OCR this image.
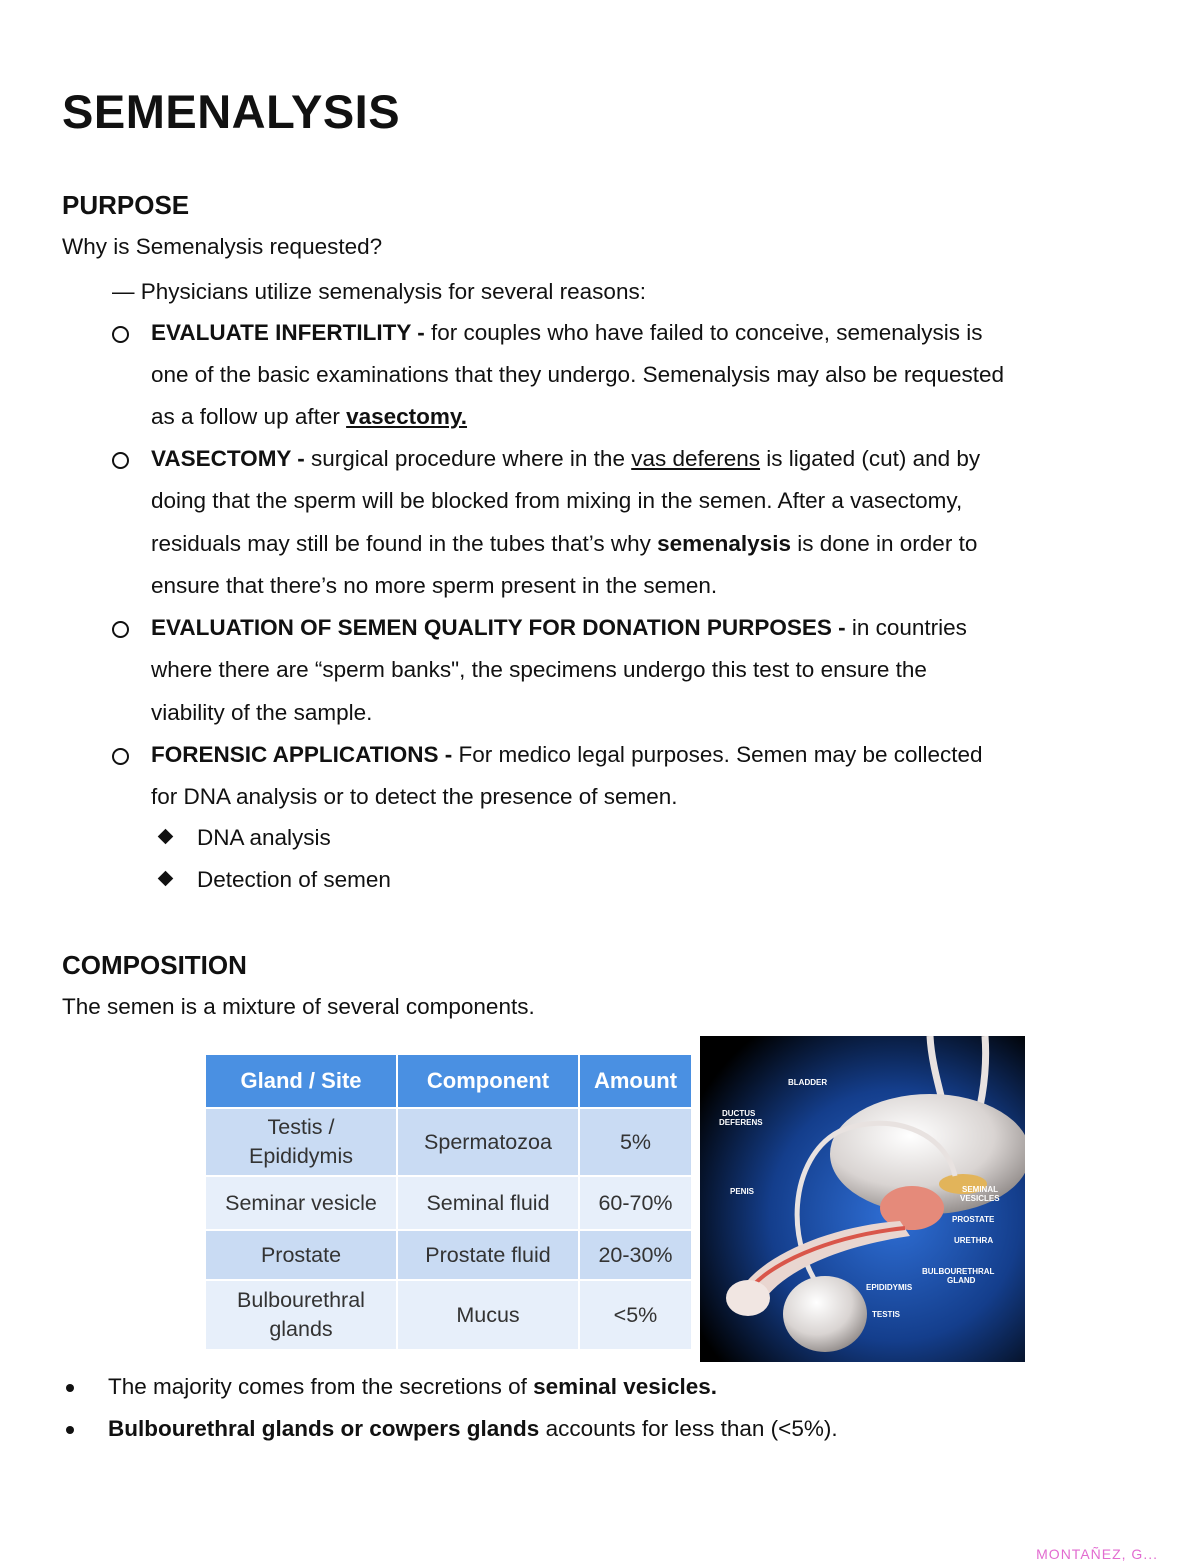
SEMENALYSIS
PURPOSE
Why is Semenalysis requested?
— Physicians utilize semenalysis for several reasons:
EVALUATE INFERTILITY - for couples who have failed to conceive, semenalysis is
one of the basic examinations that they undergo. Semenalysis may also be requested
as a follow up after vasectomy.
VASECTOMY - surgical procedure where in the vas deferens is ligated (cut) and by
doing that the sperm will be blocked from mixing in the semen. After a vasectomy,
residuals may still be found in the tubes that’s why semenalysis is done in order to
ensure that there’s no more sperm present in the semen.
EVALUATION OF SEMEN QUALITY FOR DONATION PURPOSES - in countries
where there are “sperm banks", the specimens undergo this test to ensure the
viability of the sample.
FORENSIC APPLICATIONS - For medico legal purposes. Semen may be collected
for DNA analysis or to detect the presence of semen.
DNA analysis
Detection of semen
COMPOSITION
The semen is a mixture of several components.
The majority comes from the secretions of seminal vesicles.
Bulbourethral glands or cowpers glands accounts for less than (<5%).
Gland / Site	Component	Amount
Testis / Epididymis	Spermatozoa	5%
Seminar vesicle	Seminal fluid	60-70%
Prostate	Prostate fluid	20-30%
Bulbourethral glands	Mucus	<5%
BLADDER
DUCTUS
DEFERENS
PENIS	SEMINAL
VESICLES
PROSTATE
URETHRA
BULBOURETHRAL
GLAND
EPIDIDYMIS
TESTIS
MONTAÑEZ, G...
